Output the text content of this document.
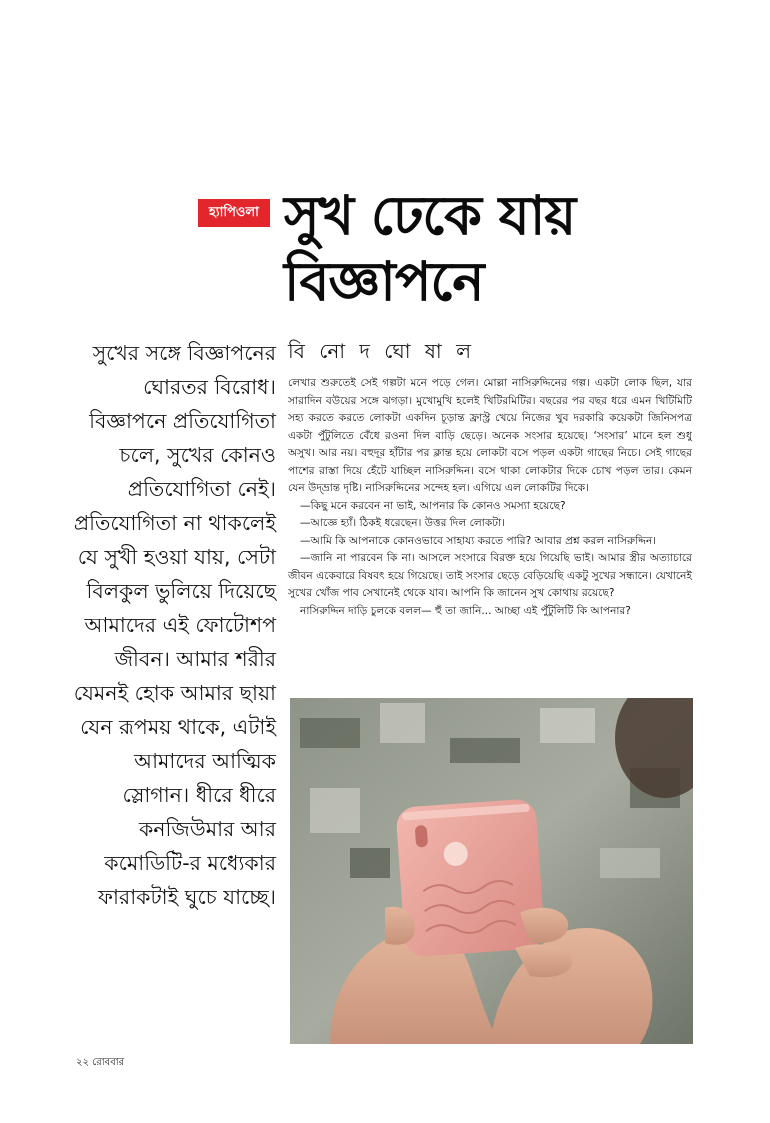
হ্যাপিওলা সুখ ঢেকে যায়
বিজ্ঞাপনে

সুখের সঙ্গে বিজ্ঞাপনের ঘোরতর বিরোধ। বিজ্ঞাপনে প্রতিযোগিতা চলে, সুখের কোনও প্রতিযোগিতা নেই। প্রতিযোগিতা না থাকলেই যে সুখী হওয়া যায়, সেটা বিলকুল ভুলিয়ে দিয়েছে আমাদের এই ফোটোশপ জীবন। আমার শরীর যেমনই হোক আমার ছায়া যেন রূপময় থাকে, এটাই আমাদের আত্মিক স্লোগান। ধীরে ধীরে কনজিউমার আর কমোডিটি-র মধ্যেকার ফারাকটাই ঘুচে যাচ্ছে।

বি নো দ ঘো ষা ল

লেখার শুরুতেই সেই গল্পটা মনে পড়ে গেল। মোল্লা নাসিরুদ্দিনের গল্প। একটা লোক ছিল, যার সারাদিন বউয়ের সঙ্গে ঝগড়া। মুখোমুখি হলেই খিটিরমিটির। বছরের পর বছর ধরে এমন খিটিমিটি সহ্য করতে করতে লোকটা একদিন চূড়ান্ত ফ্রাস্ট্র খেয়ে নিজের খুব দরকারি কয়েকটা জিনিসপত্র একটা পুঁটুলিতে বেঁধে রওনা দিল বাড়ি ছেড়ে। অনেক সংসার হয়েছে। ‘সংসার’ মানে হল শুধু অসুখ। আর নয়। বহুদূর হাঁটার পর ক্লান্ত হয়ে লোকটা বসে পড়ল একটা গাছের নিচে। সেই গাছের পাশের রাস্তা দিয়ে হেঁটে যাচ্ছিল নাসিরুদ্দিন। বসে থাকা লোকটার দিকে চোখ পড়ল তার। কেমন যেন উদ্‌ভ্রান্ত দৃষ্টি। নাসিরুদ্দিনের সন্দেহ হল। এগিয়ে এল লোকটির দিকে।

—কিছু মনে করবেন না ভাই, আপনার কি কোনও সমস্যা হয়েছে?

—আজ্ঞে হ্যাঁ। ঠিকই ধরেছেন। উত্তর দিল লোকটা।

—আমি কি আপনাকে কোনওভাবে সাহায্য করতে পারি? আবার প্রশ্ন করল নাসিরুদ্দিন।

—জানি না পারবেন কি না। আসলে সংসারে বিরক্ত হয়ে গিয়েছি ভাই। আমার স্ত্রীর অত্যাচারে জীবন একেবারে বিষবৎ হয়ে গিয়েছে। তাই সংসার ছেড়ে বেড়িয়েছি একটু সুখের সন্ধানে। যেখানেই সুখের খোঁজ পাব সেখানেই থেকে যাব। আপনি কি জানেন সুখ কোথায় রয়েছে?

নাসিরুদ্দিন দাড়ি চুলকে বলল— হুঁ তা জানি... আচ্ছা এই পুঁটুলিটি কি আপনার?

২২ রোববার
